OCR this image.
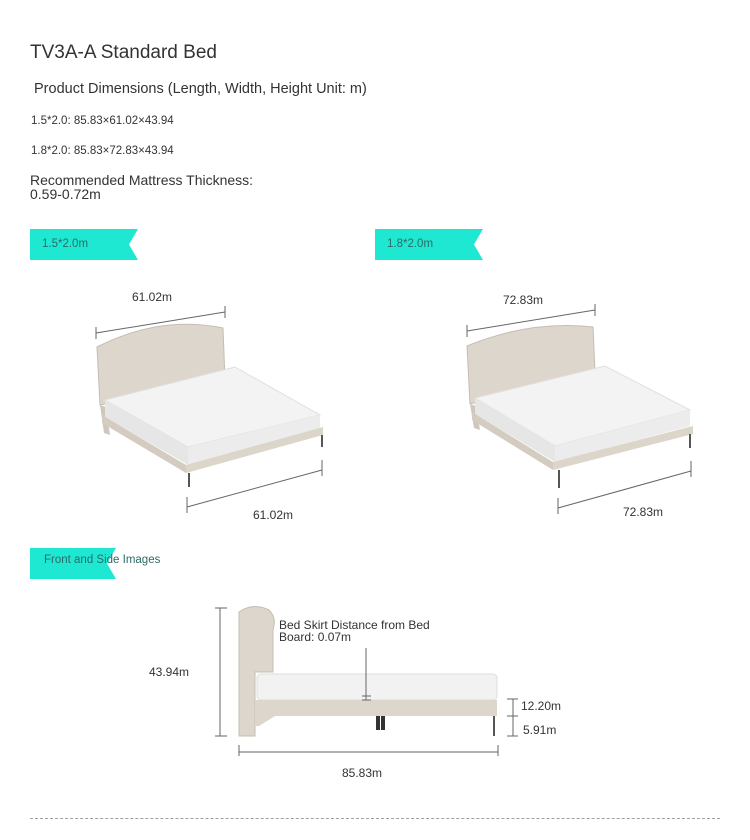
TV3A-A Standard Bed
Product Dimensions (Length, Width, Height Unit: m)
1.5*2.0: 85.83×61.02×43.94
1.8*2.0: 85.83×72.83×43.94
Recommended Mattress Thickness:
0.59-0.72m
1.5*2.0m	1.8*2.0m
61.02m
61.02m
72.83m
72.83m
Front and Side Images
43.94m
Bed Skirt Distance from Bed
Board: 0.07m
12.20m
5.91m
85.83m
